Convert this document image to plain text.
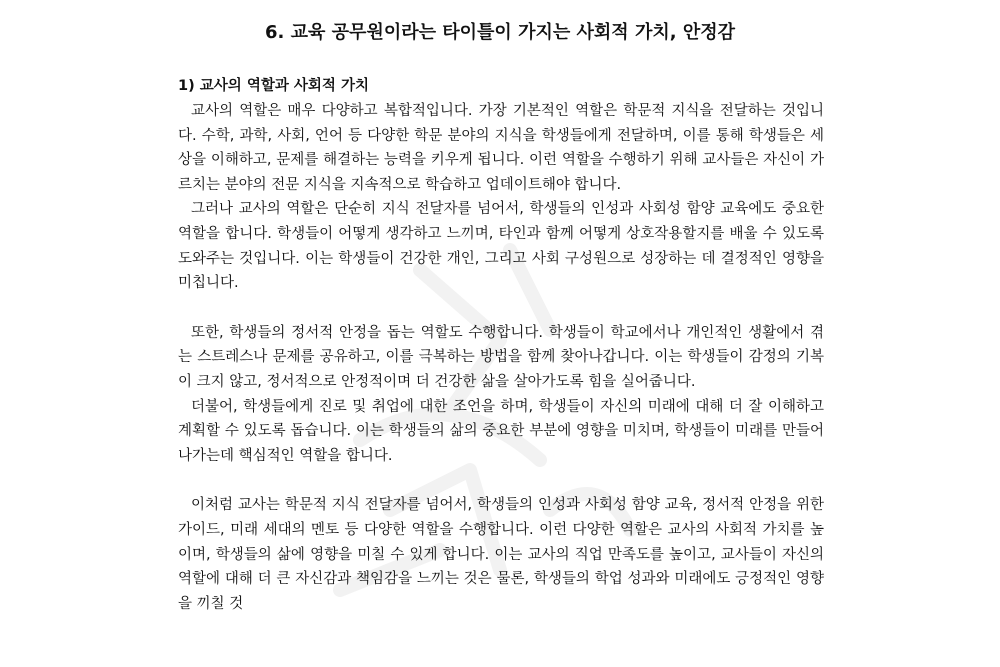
6. 교육 공무원이라는 타이틀이 가지는 사회적 가치, 안정감
1) 교사의 역할과 사회적 가치

교사의 역할은 매우 다양하고 복합적입니다. 가장 기본적인 역할은 학문적 지식을 전달하는 것입니다. 수학, 과학, 사회, 언어 등 다양한 학문 분야의 지식을 학생들에게 전달하며, 이를 통해 학생들은 세상을 이해하고, 문제를 해결하는 능력을 키우게 됩니다. 이런 역할을 수행하기 위해 교사들은 자신이 가르치는 분야의 전문 지식을 지속적으로 학습하고 업데이트해야 합니다.

그러나 교사의 역할은 단순히 지식 전달자를 넘어서, 학생들의 인성과 사회성 함양 교육에도 중요한 역할을 합니다. 학생들이 어떻게 생각하고 느끼며, 타인과 함께 어떻게 상호작용할지를 배울 수 있도록 도와주는 것입니다. 이는 학생들이 건강한 개인, 그리고 사회 구성원으로 성장하는 데 결정적인 영향을 미칩니다.

또한, 학생들의 정서적 안정을 돕는 역할도 수행합니다. 학생들이 학교에서나 개인적인 생활에서 겪는 스트레스나 문제를 공유하고, 이를 극복하는 방법을 함께 찾아나갑니다. 이는 학생들이 감정의 기복이 크지 않고, 정서적으로 안정적이며 더 건강한 삶을 살아가도록 힘을 실어줍니다.

더불어, 학생들에게 진로 및 취업에 대한 조언을 하며, 학생들이 자신의 미래에 대해 더 잘 이해하고 계획할 수 있도록 돕습니다. 이는 학생들의 삶의 중요한 부분에 영향을 미치며, 학생들이 미래를 만들어 나가는데 핵심적인 역할을 합니다.

이처럼 교사는 학문적 지식 전달자를 넘어서, 학생들의 인성과 사회성 함양 교육, 정서적 안정을 위한 가이드, 미래 세대의 멘토 등 다양한 역할을 수행합니다. 이런 다양한 역할은 교사의 사회적 가치를 높이며, 학생들의 삶에 영향을 미칠 수 있게 합니다. 이는 교사의 직업 만족도를 높이고, 교사들이 자신의 역할에 대해 더 큰 자신감과 책임감을 느끼는 것은 물론, 학생들의 학업 성과와 미래에도 긍정적인 영향을 끼칠 것
